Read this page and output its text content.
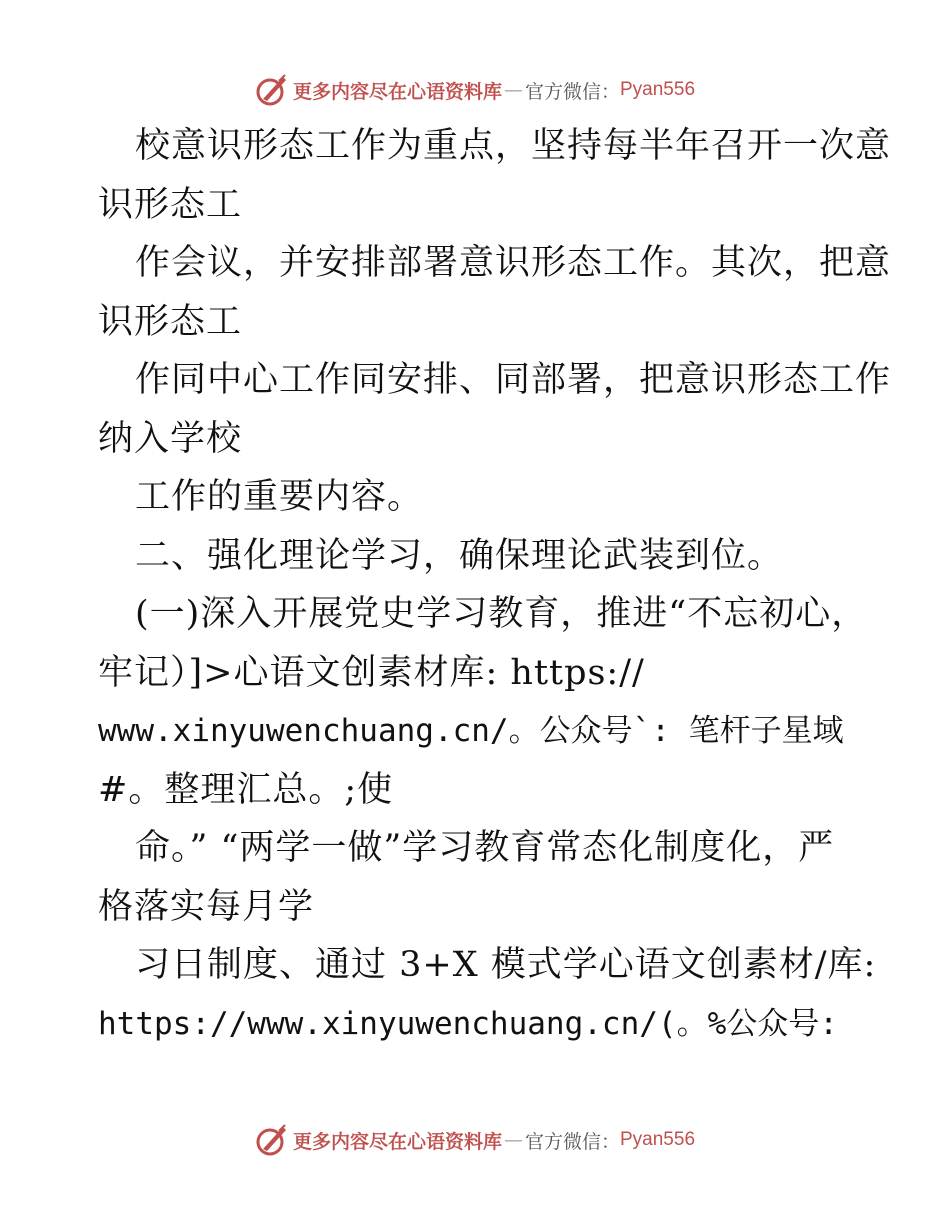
更多内容尽在心语资料库 — 官方微信： Pyan556
校意识形态工作为重点，坚持每半年召开一次意
识形态工
作会议，并安排部署意识形态工作。其次，把意
识形态工
作同中心工作同安排、同部署，把意识形态工作
纳入学校
工作的重要内容。
二、强化理论学习，确保理论武装到位。
(一)深入开展党史学习教育，推进“不忘初心，
牢记）]>心语文创素材库: https://
www.xinyuwenchuang.cn/。公众号`: 笔杆子星域
#。整理汇总。;使
命。” “两学一做”学习教育常态化制度化，严
格落实每月学
习日制度、通过 3+X 模式学心语文创素材/库:
https://www.xinyuwenchuang.cn/(。%公众号:
更多内容尽在心语资料库 — 官方微信： Pyan556
